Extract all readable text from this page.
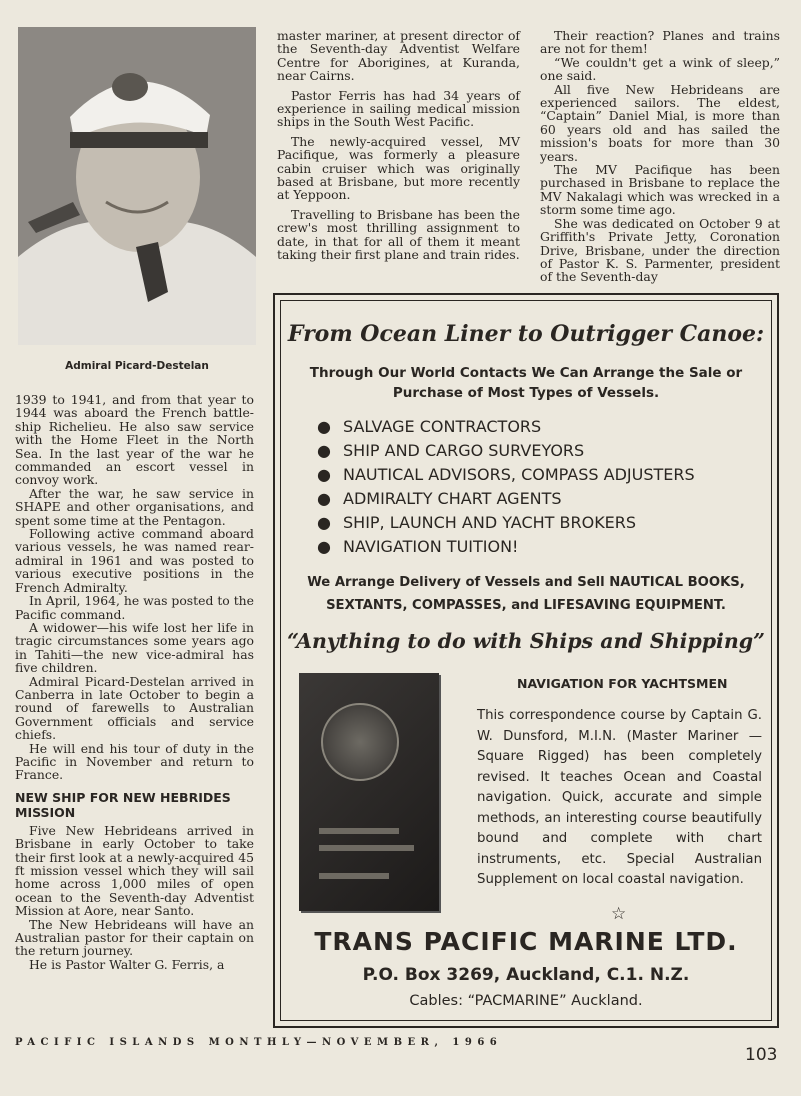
Admiral Picard-Destelan

1939 to 1941, and from that year to 1944 was aboard the French battle-ship Richelieu. He also saw service with the Home Fleet in the North Sea. In the last year of the war he commanded an escort vessel in convoy work.

After the war, he saw service in SHAPE and other organisations, and spent some time at the Pentagon.

Following active command aboard various vessels, he was named rear-admiral in 1961 and was posted to various executive positions in the French Admiralty.

In April, 1964, he was posted to the Pacific command.

A widower—his wife lost her life in tragic circumstances some years ago in Tahiti—the new vice-admiral has five children.

Admiral Picard-Destelan arrived in Canberra in late October to begin a round of farewells to Australian Government officials and service chiefs.

He will end his tour of duty in the Pacific in November and return to France.

NEW SHIP FOR NEW HEBRIDES MISSION

Five New Hebrideans arrived in Brisbane in early October to take their first look at a newly-acquired 45 ft mission vessel which they will sail home across 1,000 miles of open ocean to the Seventh-day Adventist Mission at Aore, near Santo.

The New Hebrideans will have an Australian pastor for their captain on the return journey.

He is Pastor Walter G. Ferris, a

master mariner, at present director of the Seventh-day Adventist Welfare Centre for Aborigines, at Kuranda, near Cairns.

Pastor Ferris has had 34 years of experience in sailing medical mission ships in the South West Pacific.

The newly-acquired vessel, MV Pacifique, was formerly a pleasure cabin cruiser which was originally based at Brisbane, but more recently at Yeppoon.

Travelling to Brisbane has been the crew's most thrilling assignment to date, in that for all of them it meant taking their first plane and train rides.

Their reaction? Planes and trains are not for them!

“We couldn't get a wink of sleep,” one said.

All five New Hebrideans are experienced sailors. The eldest, “Captain” Daniel Mial, is more than 60 years old and has sailed the mission's boats for more than 30 years.

The MV Pacifique has been purchased in Brisbane to replace the MV Nakalagi which was wrecked in a storm some time ago.

She was dedicated on October 9 at Griffith's Private Jetty, Coronation Drive, Brisbane, under the direction of Pastor K. S. Parmenter, president of the Seventh-day

From Ocean Liner to Outrigger Canoe:
Through Our World Contacts We Can Arrange the Sale or Purchase of Most Types of Vessels.
● SALVAGE CONTRACTORS
● SHIP AND CARGO SURVEYORS
● NAUTICAL ADVISORS, COMPASS ADJUSTERS
● ADMIRALTY CHART AGENTS
● SHIP, LAUNCH AND YACHT BROKERS
● NAVIGATION TUITION!
We Arrange Delivery of Vessels and Sell NAUTICAL BOOKS, SEXTANTS, COMPASSES, and LIFESAVING EQUIPMENT.
“Anything to do with Ships and Shipping”
NAVIGATION FOR YACHTSMEN
This correspondence course by Captain G. W. Dunsford, M.I.N. (Master Mariner —Square Rigged) has been completely revised. It teaches Ocean and Coastal navigation. Quick, accurate and simple methods, an interesting course beautifully bound and complete with chart instruments, etc. Special Australian Supplement on local coastal navigation.
☆
TRANS PACIFIC MARINE LTD.
P.O. Box 3269, Auckland, C.1. N.Z.
Cables: “PACMARINE” Auckland.
PACIFIC ISLANDS MONTHLY—NOVEMBER, 1966
103
